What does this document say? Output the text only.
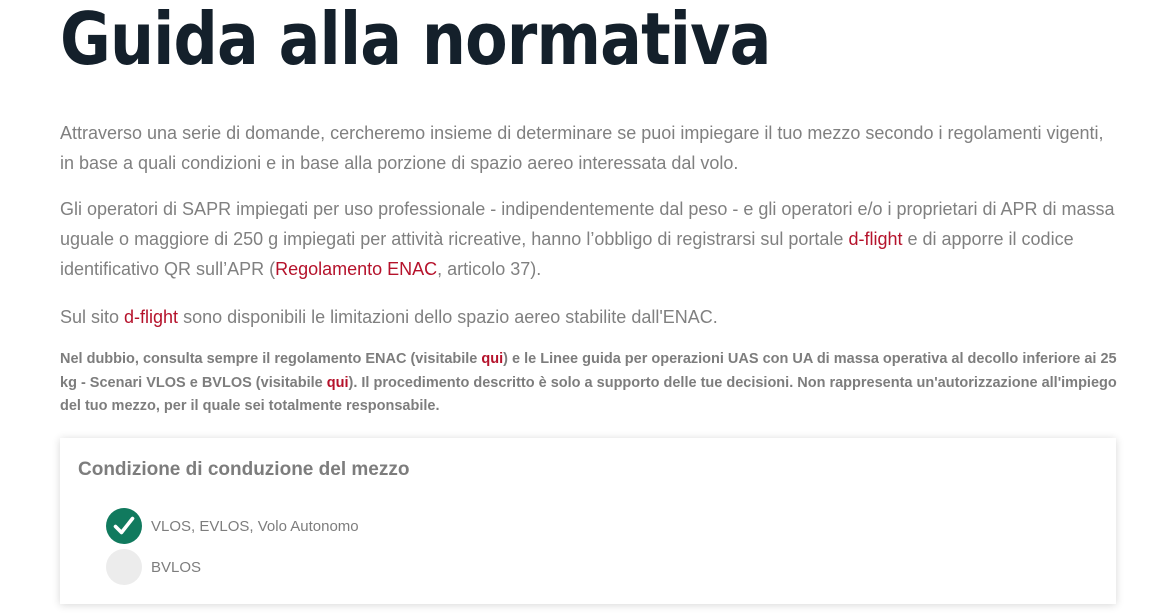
Guida alla normativa

Attraverso una serie di domande, cercheremo insieme di determinare se puoi impiegare il tuo mezzo secondo i regolamenti vigenti, in base a quali condizioni e in base alla porzione di spazio aereo interessata dal volo.

Gli operatori di SAPR impiegati per uso professionale - indipendentemente dal peso - e gli operatori e/o i proprietari di APR di massa uguale o maggiore di 250 g impiegati per attività ricreative, hanno l’obbligo di registrarsi sul portale d-flight e di apporre il codice identificativo QR sull’APR (Regolamento ENAC, articolo 37).

Sul sito d-flight sono disponibili le limitazioni dello spazio aereo stabilite dall'ENAC.

Nel dubbio, consulta sempre il regolamento ENAC (visitabile qui) e le Linee guida per operazioni UAS con UA di massa operativa al decollo inferiore ai 25 kg - Scenari VLOS e BVLOS (visitabile qui). Il procedimento descritto è solo a supporto delle tue decisioni. Non rappresenta un'autorizzazione all'impiego del tuo mezzo, per il quale sei totalmente responsabile.

Condizione di conduzione del mezzo
VLOS, EVLOS, Volo Autonomo
BVLOS
